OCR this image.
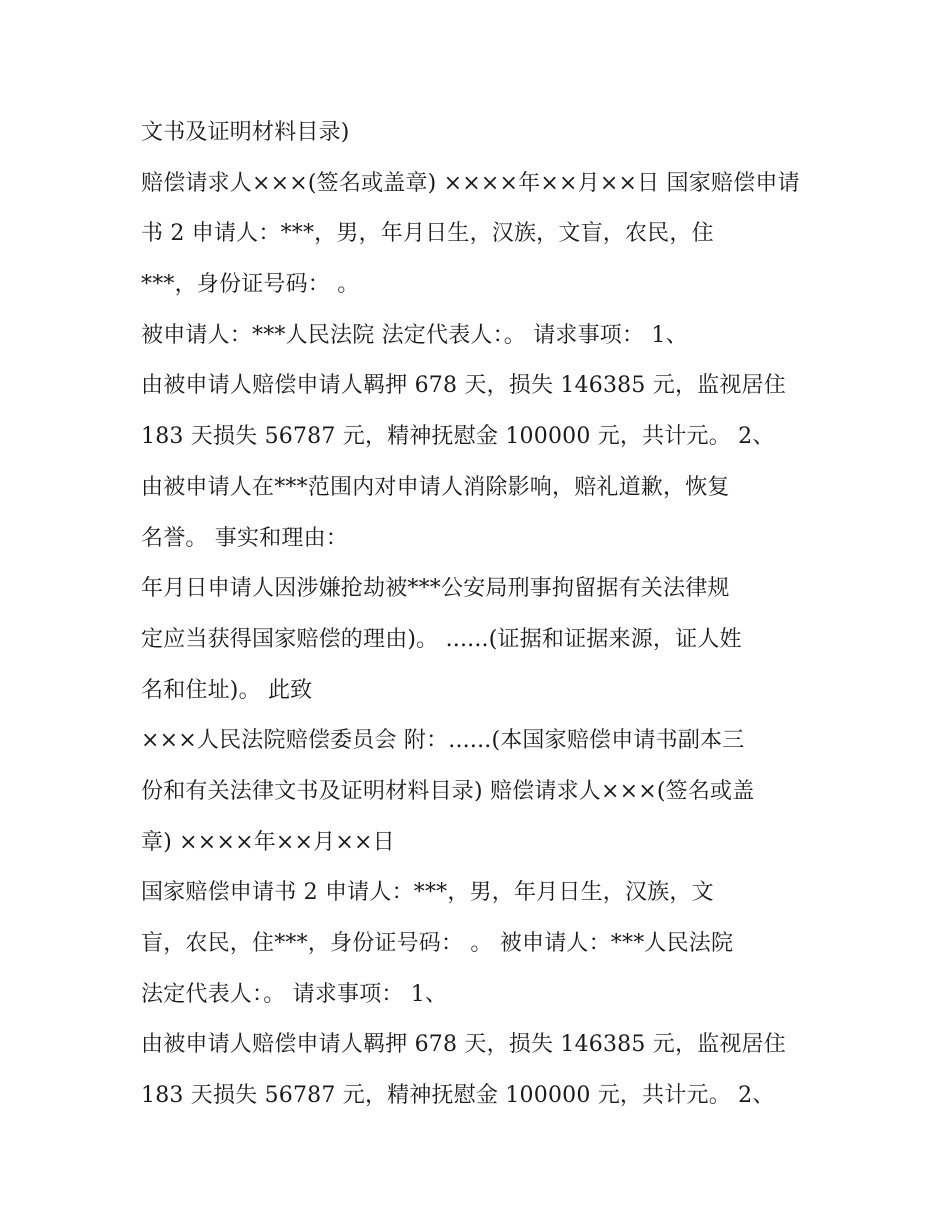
文书及证明材料目录)
赔偿请求人×××(签名或盖章) ××××年××月××日 国家赔偿申请
书 2 申请人：***，男，年月日生，汉族，文盲，农民，住
***，身份证号码： 。
被申请人：***人民法院 法定代表人：。 请求事项： 1、
由被申请人赔偿申请人羁押 678 天，损失 146385 元，监视居住
183 天损失 56787 元，精神抚慰金 100000 元，共计元。 2、
由被申请人在***范围内对申请人消除影响，赔礼道歉，恢复
名誉。 事实和理由：
年月日申请人因涉嫌抢劫被***公安局刑事拘留据有关法律规
定应当获得国家赔偿的理由)。 ......(证据和证据来源，证人姓
名和住址)。 此致
×××人民法院赔偿委员会 附：......(本国家赔偿申请书副本三
份和有关法律文书及证明材料目录) 赔偿请求人×××(签名或盖
章) ××××年××月××日
国家赔偿申请书 2 申请人：***，男，年月日生，汉族，文
盲，农民，住***，身份证号码： 。 被申请人：***人民法院
法定代表人：。 请求事项： 1、
由被申请人赔偿申请人羁押 678 天，损失 146385 元，监视居住
183 天损失 56787 元，精神抚慰金 100000 元，共计元。 2、
